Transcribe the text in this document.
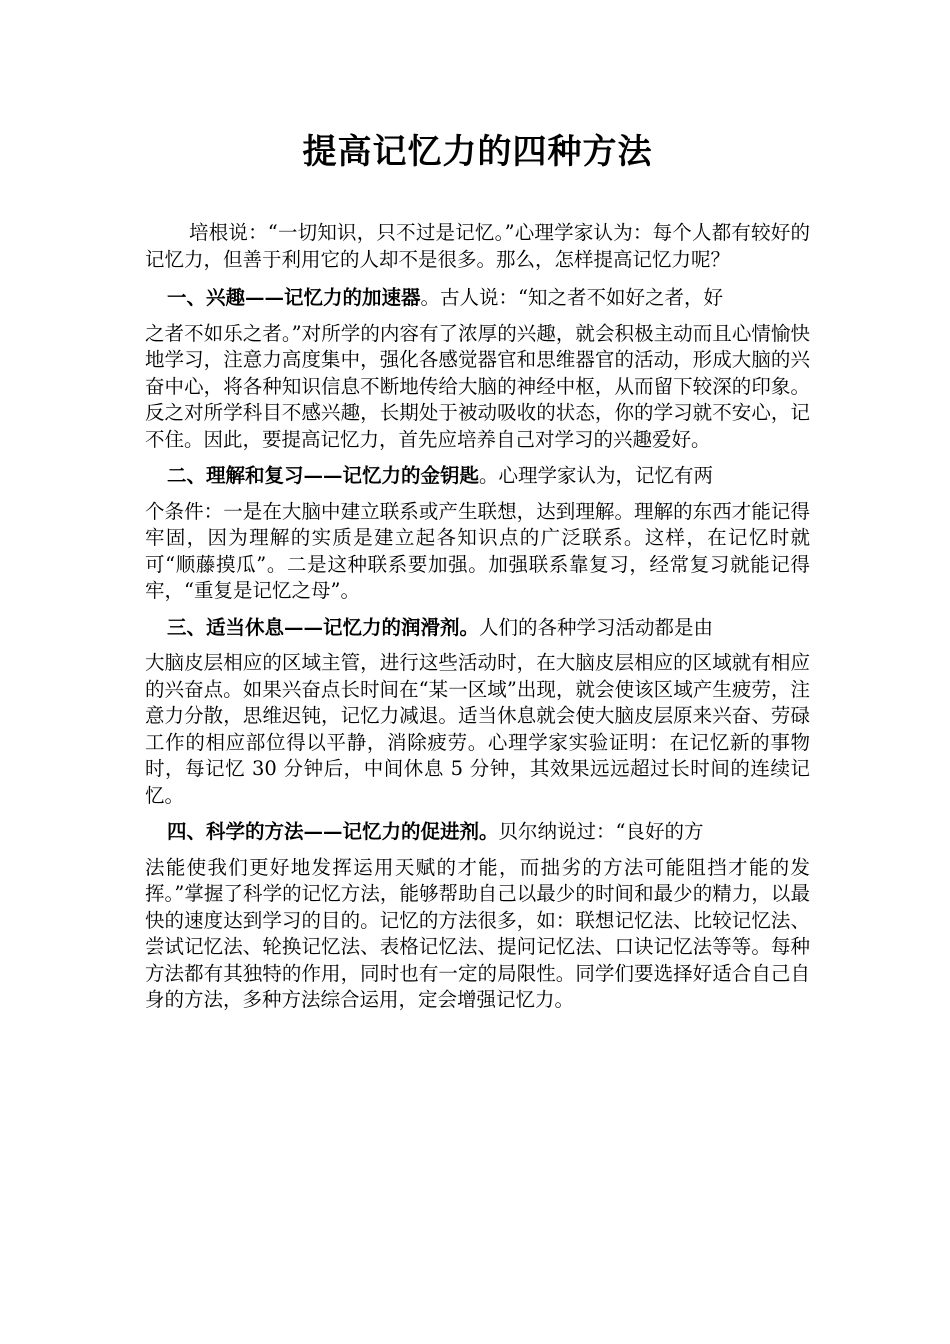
提高记忆力的四种方法

培根说：“一切知识，只不过是记忆。”心理学家认为：每个人都有较好的记忆力，但善于利用它的人却不是很多。那么，怎样提高记忆力呢？

一、兴趣——记忆力的加速器。古人说：“知之者不如好之者，好
之者不如乐之者。”对所学的内容有了浓厚的兴趣，就会积极主动而且心情愉快地学习，注意力高度集中，强化各感觉器官和思维器官的活动，形成大脑的兴奋中心，将各种知识信息不断地传给大脑的神经中枢，从而留下较深的印象。反之对所学科目不感兴趣，长期处于被动吸收的状态，你的学习就不安心，记不住。因此，要提高记忆力，首先应培养自己对学习的兴趣爱好。
二、理解和复习——记忆力的金钥匙。心理学家认为，记忆有两
个条件：一是在大脑中建立联系或产生联想，达到理解。理解的东西才能记得牢固，因为理解的实质是建立起各知识点的广泛联系。这样，在记忆时就可“顺藤摸瓜”。二是这种联系要加强。加强联系靠复习，经常复习就能记得牢，“重复是记忆之母”。
三、适当休息——记忆力的润滑剂。人们的各种学习活动都是由
大脑皮层相应的区域主管，进行这些活动时，在大脑皮层相应的区域就有相应的兴奋点。如果兴奋点长时间在“某一区域”出现，就会使该区域产生疲劳，注意力分散，思维迟钝，记忆力减退。适当休息就会使大脑皮层原来兴奋、劳碌工作的相应部位得以平静，消除疲劳。心理学家实验证明：在记忆新的事物时，每记忆 30 分钟后，中间休息 5 分钟，其效果远远超过长时间的连续记忆。
四、科学的方法——记忆力的促进剂。贝尔纳说过：“良好的方
法能使我们更好地发挥运用天赋的才能，而拙劣的方法可能阻挡才能的发挥。”掌握了科学的记忆方法，能够帮助自己以最少的时间和最少的精力，以最快的速度达到学习的目的。记忆的方法很多，如：联想记忆法、比较记忆法、尝试记忆法、轮换记忆法、表格记忆法、提问记忆法、口诀记忆法等等。每种方法都有其独特的作用，同时也有一定的局限性。同学们要选择好适合自己自身的方法，多种方法综合运用，定会增强记忆力。
